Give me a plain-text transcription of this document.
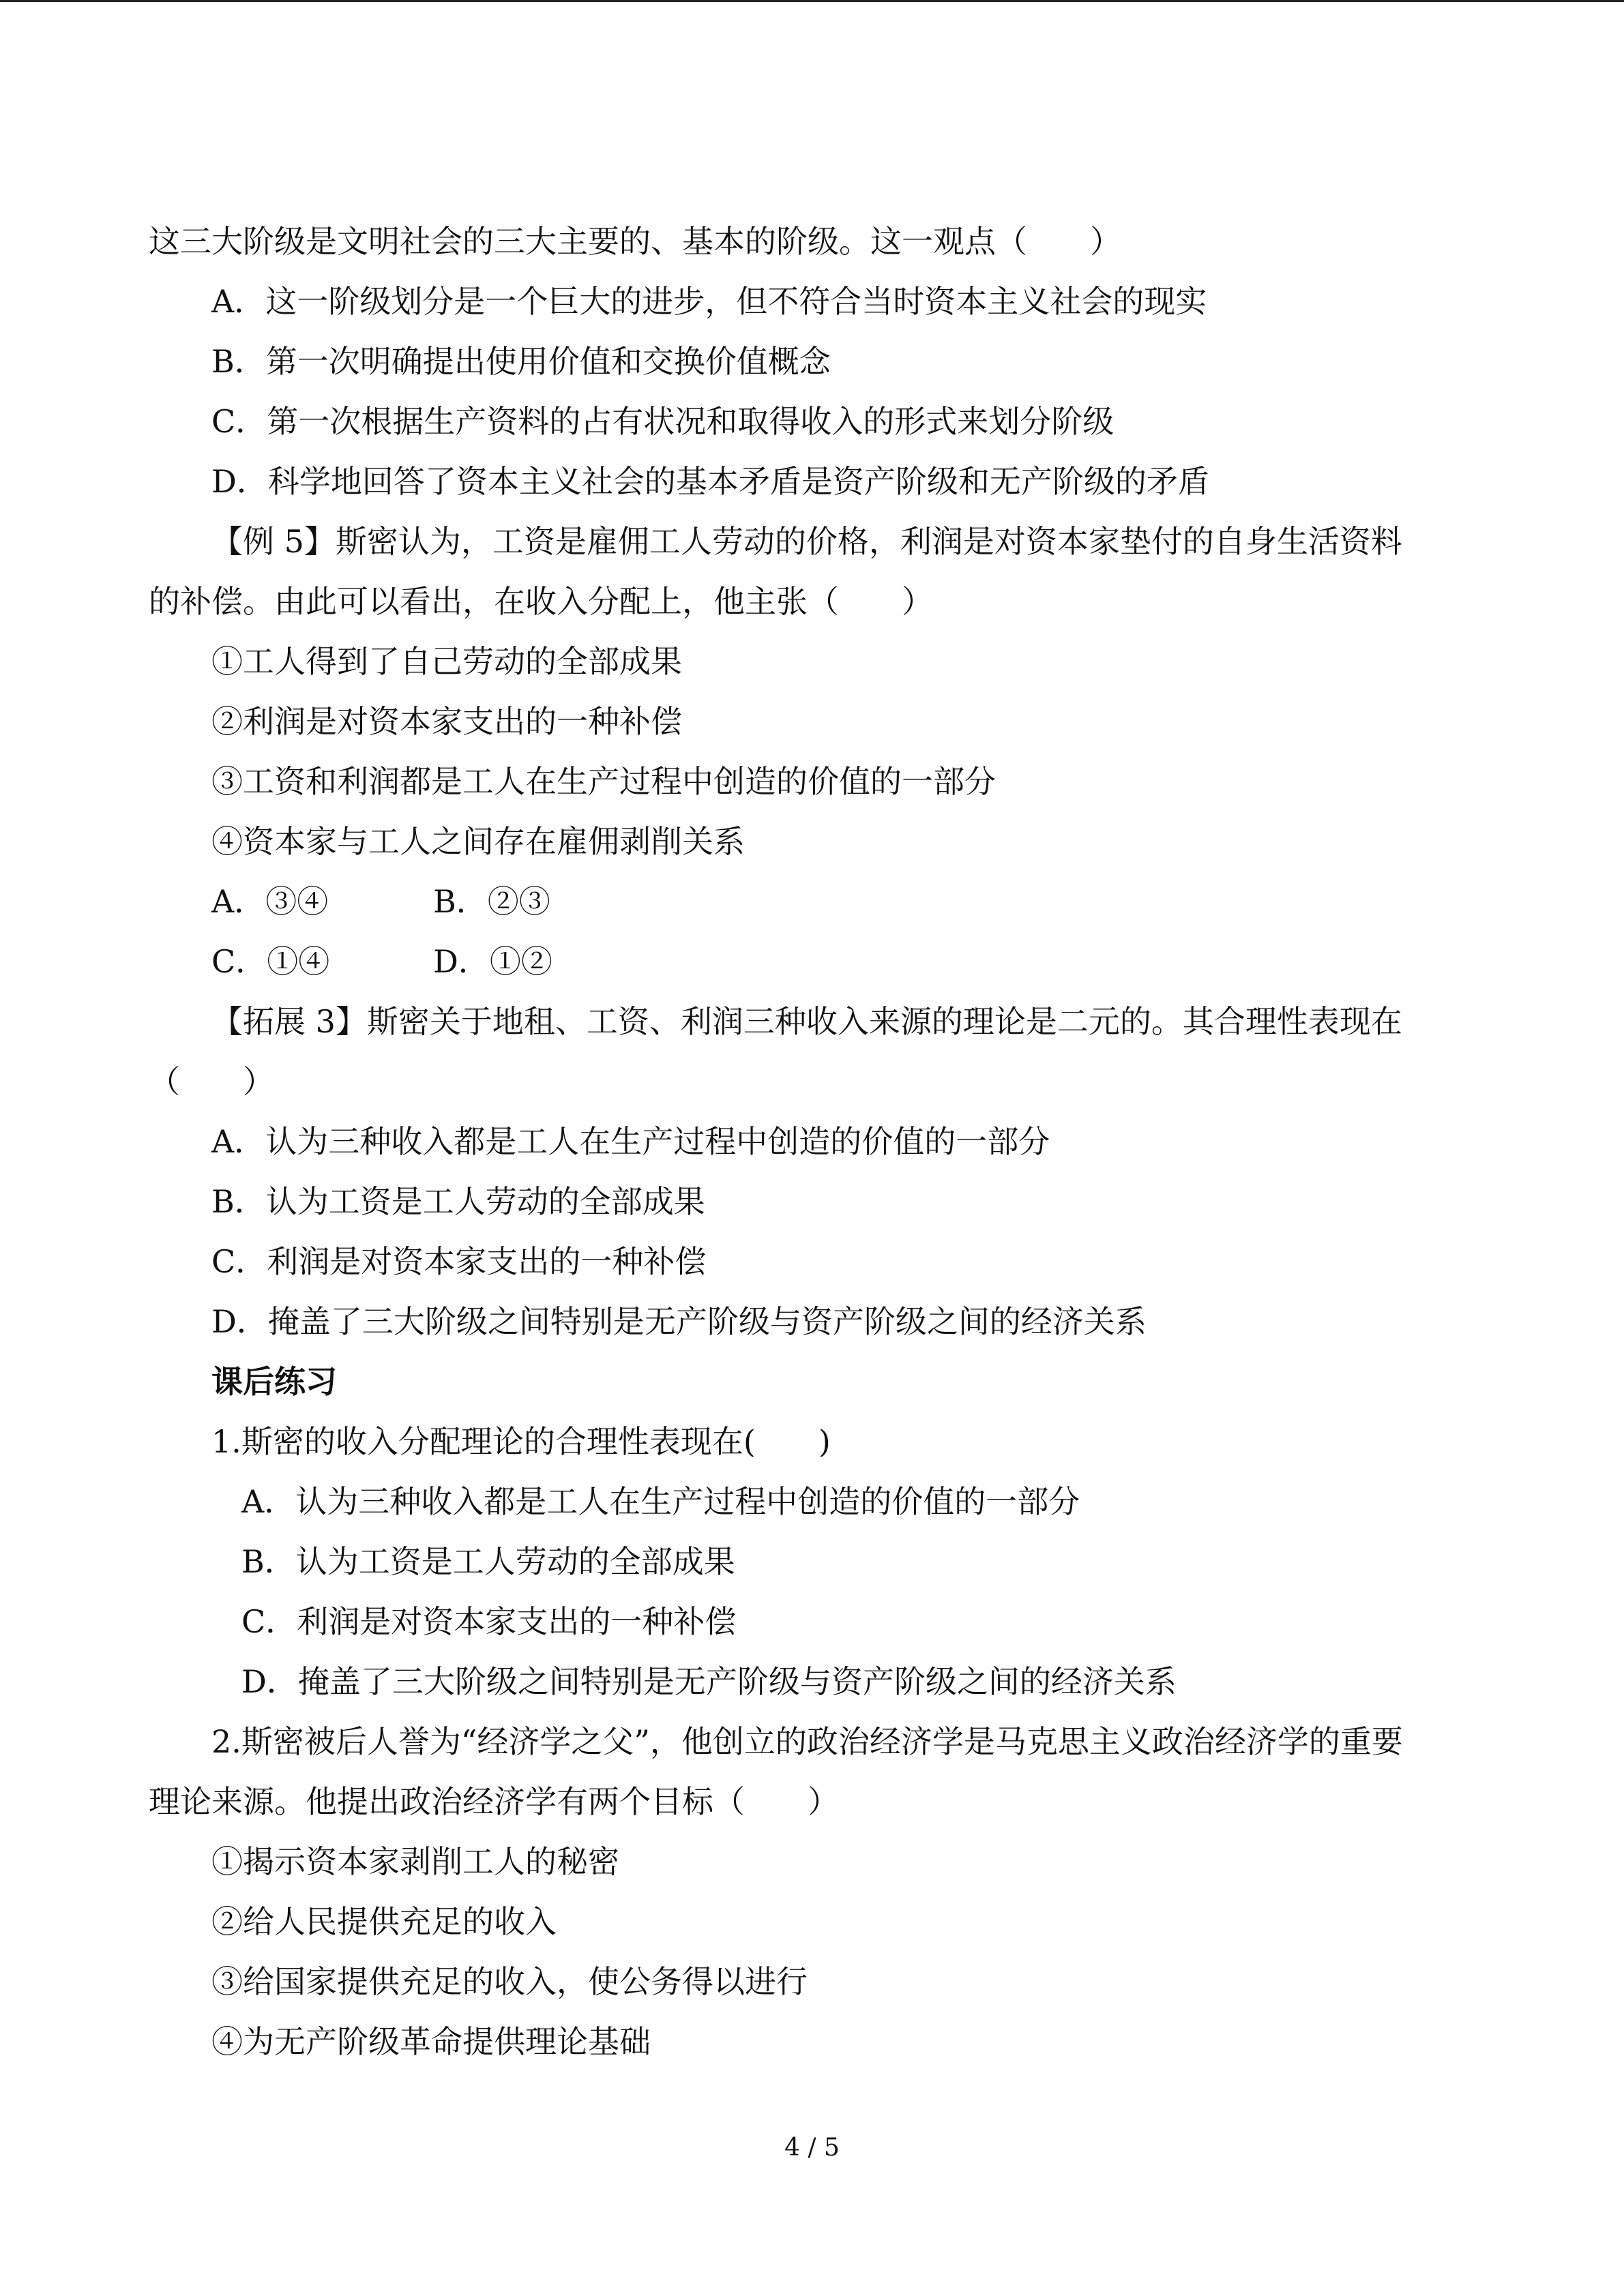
这三大阶级是文明社会的三大主要的、基本的阶级。这一观点（　　）
A．这一阶级划分是一个巨大的进步，但不符合当时资本主义社会的现实
B．第一次明确提出使用价值和交换价值概念
C．第一次根据生产资料的占有状况和取得收入的形式来划分阶级
D．科学地回答了资本主义社会的基本矛盾是资产阶级和无产阶级的矛盾
【例 5】斯密认为，工资是雇佣工人劳动的价格，利润是对资本家垫付的自身生活资料
的补偿。由此可以看出，在收入分配上，他主张（　　）
①工人得到了自己劳动的全部成果
②利润是对资本家支出的一种补偿
③工资和利润都是工人在生产过程中创造的价值的一部分
④资本家与工人之间存在雇佣剥削关系
A．③④	B．②③
C．①④	D．①②
【拓展 3】斯密关于地租、工资、利润三种收入来源的理论是二元的。其合理性表现在
（　　）
A．认为三种收入都是工人在生产过程中创造的价值的一部分
B．认为工资是工人劳动的全部成果
C．利润是对资本家支出的一种补偿
D．掩盖了三大阶级之间特别是无产阶级与资产阶级之间的经济关系
课后练习
1.斯密的收入分配理论的合理性表现在(　　)
A．认为三种收入都是工人在生产过程中创造的价值的一部分
B．认为工资是工人劳动的全部成果
C．利润是对资本家支出的一种补偿
D．掩盖了三大阶级之间特别是无产阶级与资产阶级之间的经济关系
2.斯密被后人誉为“经济学之父”，他创立的政治经济学是马克思主义政治经济学的重要
理论来源。他提出政治经济学有两个目标（　　）
①揭示资本家剥削工人的秘密
②给人民提供充足的收入
③给国家提供充足的收入，使公务得以进行
④为无产阶级革命提供理论基础
4 / 5
